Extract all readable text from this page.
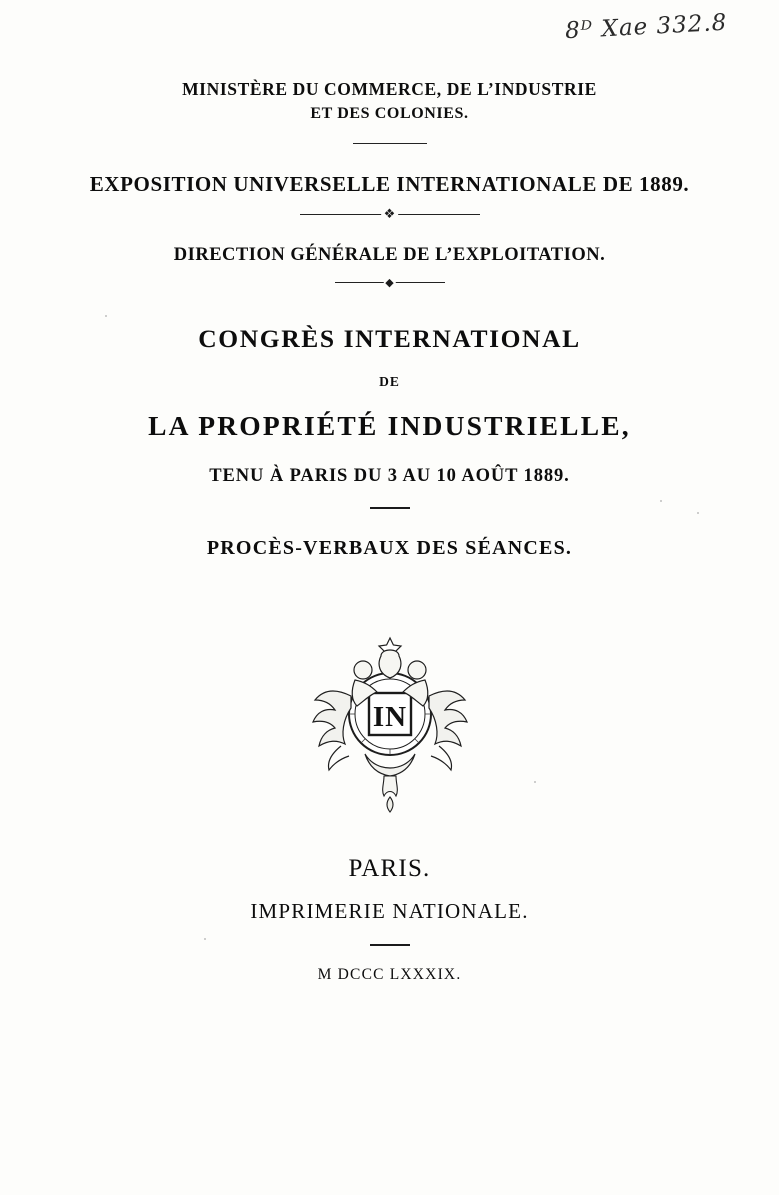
8ᴰ Xae 332.8
MINISTÈRE DU COMMERCE, DE L’INDUSTRIE
ET DES COLONIES.
EXPOSITION UNIVERSELLE INTERNATIONALE DE 1889.
❖
DIRECTION GÉNÉRALE DE L’EXPLOITATION.
◆
CONGRÈS INTERNATIONAL
DE
LA PROPRIÉTÉ INDUSTRIELLE,
TENU À PARIS DU 3 AU 10 AOÛT 1889.
PROCÈS-VERBAUX DES SÉANCES.
IN
PARIS.
IMPRIMERIE NATIONALE.
M DCCC LXXXIX.
